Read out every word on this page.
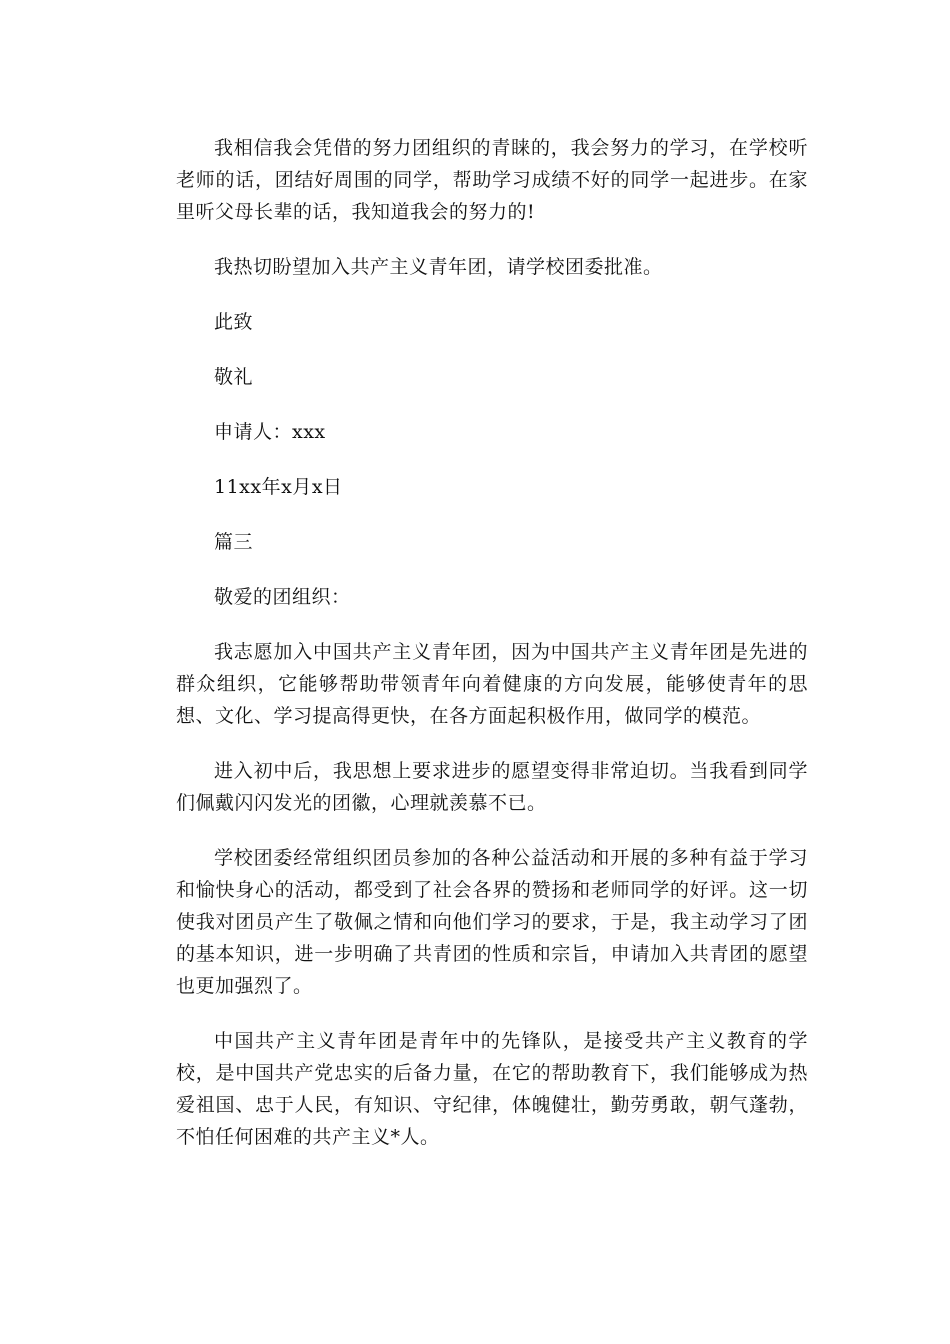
我相信我会凭借的努力团组织的青睐的，我会努力的学习，在学校听老师的话，团结好周围的同学，帮助学习成绩不好的同学一起进步。在家里听父母长辈的话，我知道我会的努力的!

我热切盼望加入共产主义青年团，请学校团委批准。

此致

敬礼

申请人：xxx

11xx年x月x日

篇三

敬爱的团组织：

我志愿加入中国共产主义青年团，因为中国共产主义青年团是先进的群众组织，它能够帮助带领青年向着健康的方向发展，能够使青年的思想、文化、学习提高得更快，在各方面起积极作用，做同学的模范。

进入初中后，我思想上要求进步的愿望变得非常迫切。当我看到同学们佩戴闪闪发光的团徽，心理就羡慕不已。

学校团委经常组织团员参加的各种公益活动和开展的多种有益于学习和愉快身心的活动，都受到了社会各界的赞扬和老师同学的好评。这一切使我对团员产生了敬佩之情和向他们学习的要求，于是，我主动学习了团的基本知识，进一步明确了共青团的性质和宗旨，申请加入共青团的愿望也更加强烈了。

中国共产主义青年团是青年中的先锋队，是接受共产主义教育的学校，是中国共产党忠实的后备力量，在它的帮助教育下，我们能够成为热爱祖国、忠于人民，有知识、守纪律，体魄健壮，勤劳勇敢，朝气蓬勃，不怕任何困难的共产主义*人。
